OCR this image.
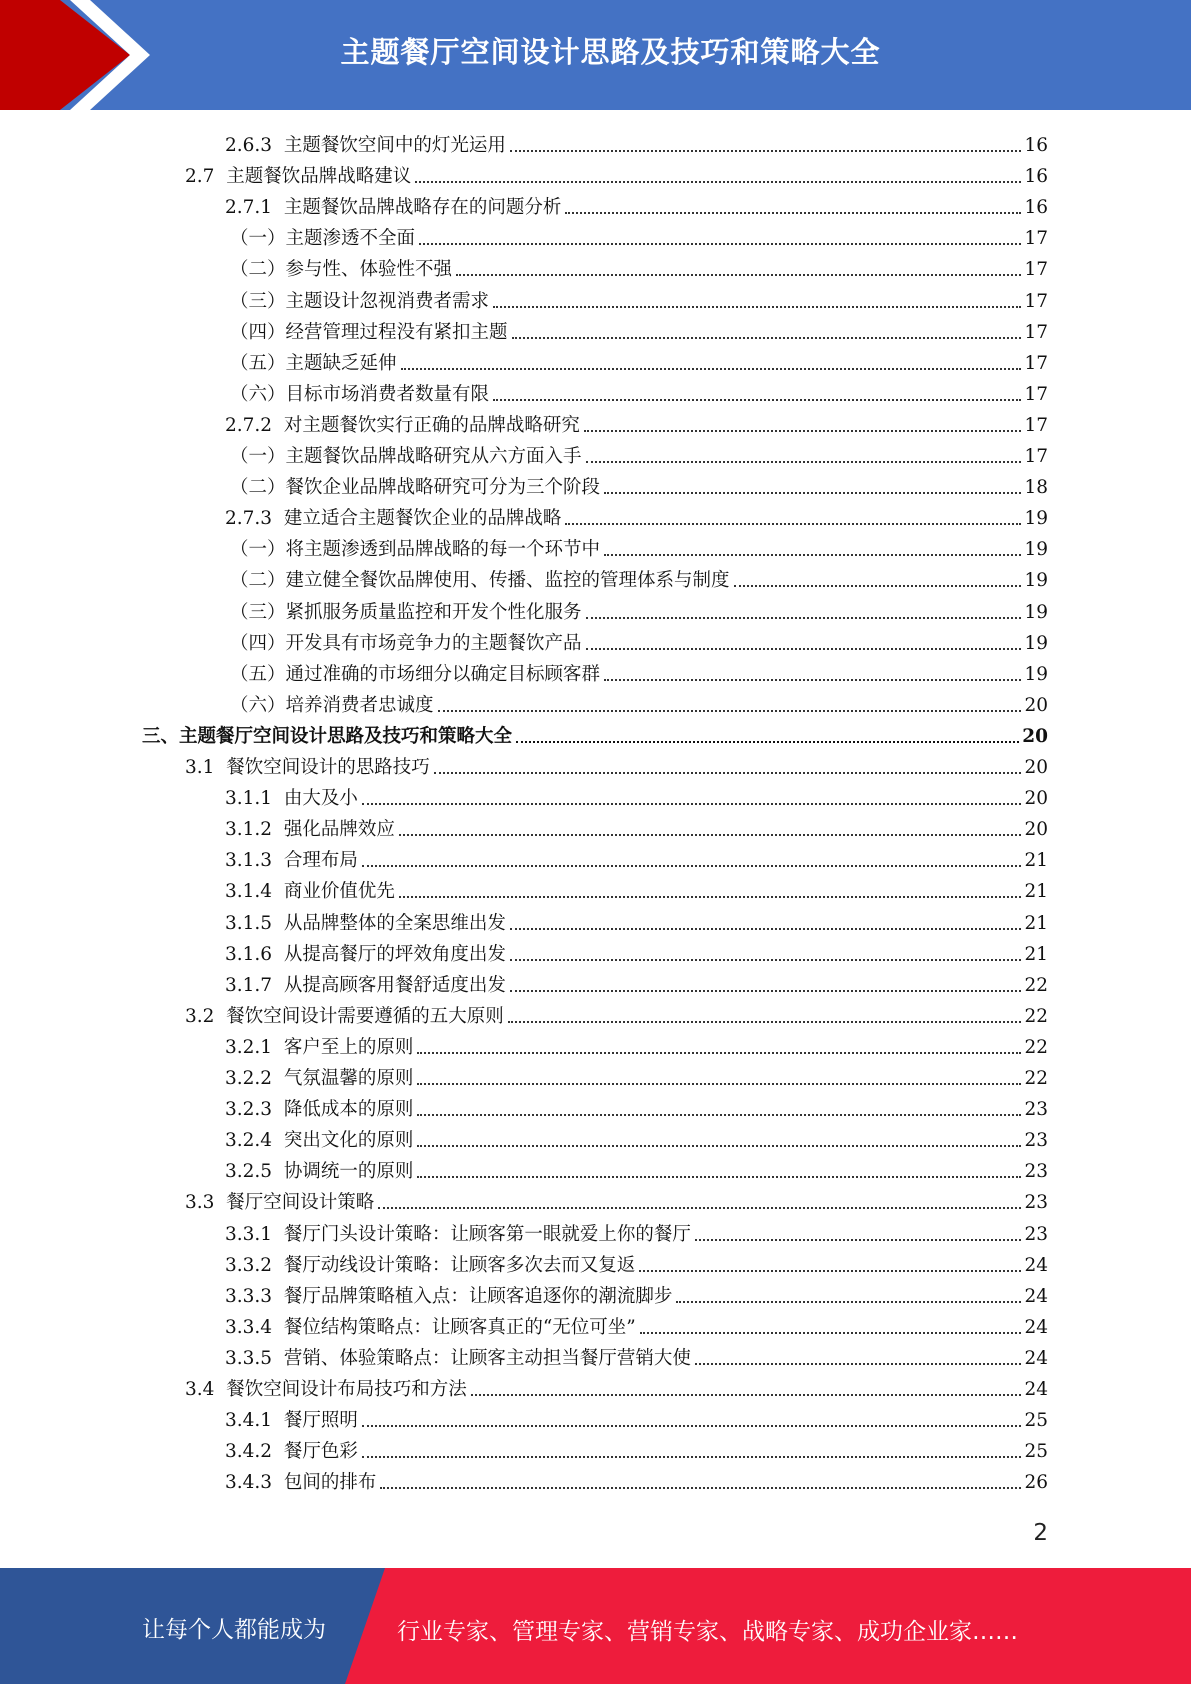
主题餐厅空间设计思路及技巧和策略大全
2.6.3 主题餐饮空间中的灯光运用	16
2.7 主题餐饮品牌战略建议	16
2.7.1 主题餐饮品牌战略存在的问题分析	16
（一） 主题渗透不全面	17
（二） 参与性、体验性不强	17
（三） 主题设计忽视消费者需求	17
（四） 经营管理过程没有紧扣主题	17
（五） 主题缺乏延伸	17
（六） 目标市场消费者数量有限	17
2.7.2 对主题餐饮实行正确的品牌战略研究	17
（一） 主题餐饮品牌战略研究从六方面入手	17
（二） 餐饮企业品牌战略研究可分为三个阶段	18
2.7.3 建立适合主题餐饮企业的品牌战略	19
（一） 将主题渗透到品牌战略的每一个环节中	19
（二） 建立健全餐饮品牌使用、传播、监控的管理体系与制度	19
（三） 紧抓服务质量监控和开发个性化服务	19
（四） 开发具有市场竞争力的主题餐饮产品	19
（五） 通过准确的市场细分以确定目标顾客群	19
（六） 培养消费者忠诚度	20
三、 主题餐厅空间设计思路及技巧和策略大全	20
3.1 餐饮空间设计的思路技巧	20
3.1.1 由大及小	20
3.1.2 强化品牌效应	20
3.1.3 合理布局	21
3.1.4 商业价值优先	21
3.1.5 从品牌整体的全案思维出发	21
3.1.6 从提高餐厅的坪效角度出发	21
3.1.7 从提高顾客用餐舒适度出发	22
3.2 餐饮空间设计需要遵循的五大原则	22
3.2.1 客户至上的原则	22
3.2.2 气氛温馨的原则	22
3.2.3 降低成本的原则	23
3.2.4 突出文化的原则	23
3.2.5 协调统一的原则	23
3.3 餐厅空间设计策略	23
3.3.1 餐厅门头设计策略：让顾客第一眼就爱上你的餐厅	23
3.3.2 餐厅动线设计策略：让顾客多次去而又复返	24
3.3.3 餐厅品牌策略植入点：让顾客追逐你的潮流脚步	24
3.3.4 餐位结构策略点：让顾客真正的“无位可坐”	24
3.3.5 营销、体验策略点：让顾客主动担当餐厅营销大使	24
3.4 餐饮空间设计布局技巧和方法	24
3.4.1 餐厅照明	25
3.4.2 餐厅色彩	25
3.4.3 包间的排布	26
2
让每个人都能成为	行业专家、管理专家、营销专家、战略专家、成功企业家……
